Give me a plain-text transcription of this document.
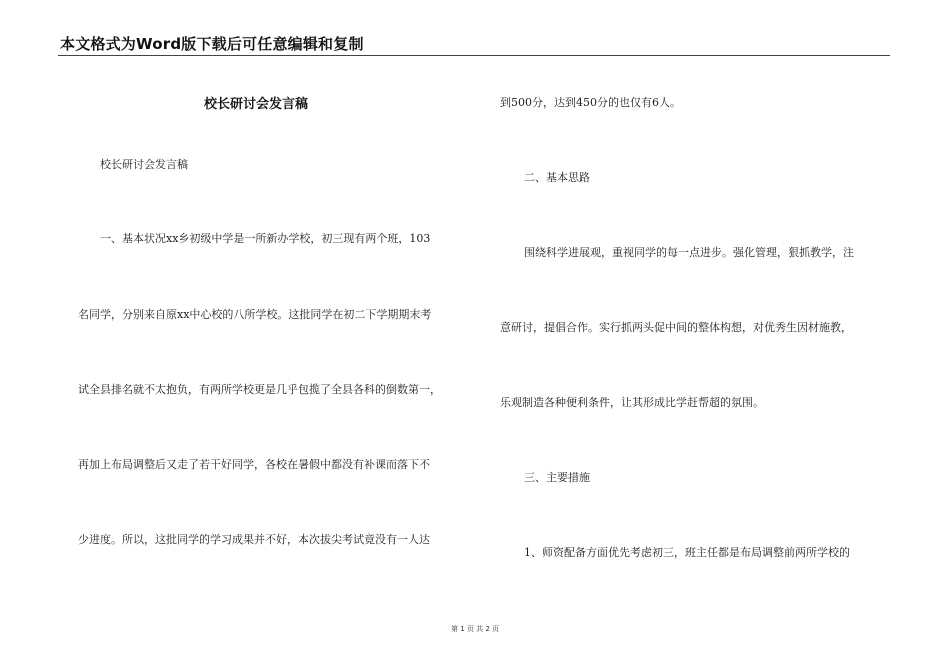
本文格式为Word版下载后可任意编辑和复制
校长研讨会发言稿
校长研讨会发言稿
一、基本状况xx乡初级中学是一所新办学校，初三现有两个班，103
名同学，分别来自原xx中心校的八所学校。这批同学在初二下学期期末考
试全县排名就不太抱负，有两所学校更是几乎包揽了全县各科的倒数第一，
再加上布局调整后又走了若干好同学，各校在暑假中都没有补课而落下不
少进度。所以，这批同学的学习成果并不好，本次拔尖考试竟没有一人达
到500分，达到450分的也仅有6人。
二、基本思路
围绕科学进展观，重视同学的每一点进步。强化管理，狠抓教学，注
意研讨，提倡合作。实行抓两头促中间的整体构想，对优秀生因材施教，
乐观制造各种便利条件，让其形成比学赶帮超的氛围。
三、主要措施
1、师资配备方面优先考虑初三，班主任都是布局调整前两所学校的
第 1 页 共 2 页
